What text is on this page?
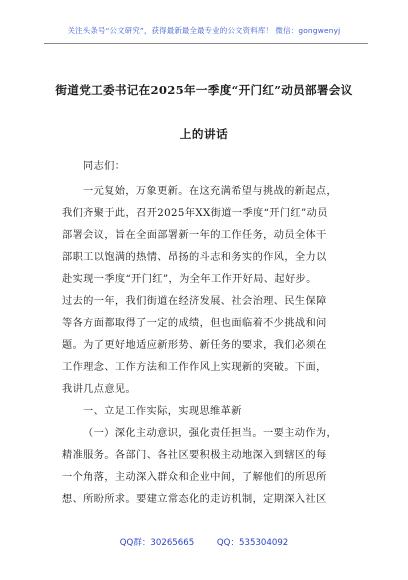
关注头条号“公文研究”，获得最新最全最专业的公文资料库！ 微信：gongwenyj
街道党工委书记在2025年一季度“开门红”动员部署会议
上的讲话

同志们：

一元复始，万象更新。在这充满希望与挑战的新起点，
我们齐聚于此，召开2025年XX街道一季度“开门红”动员
部署会议，旨在全面部署新一年的工作任务，动员全体干
部职工以饱满的热情、昂扬的斗志和务实的作风，全力以
赴实现一季度“开门红”，为全年工作开好局、起好步。

过去的一年，我们街道在经济发展、社会治理、民生保障
等各方面都取得了一定的成绩，但也面临着不少挑战和问
题。为了更好地适应新形势、新任务的要求，我们必须在
工作理念、工作方法和工作作风上实现新的突破。下面，
我讲几点意见。

一、立足工作实际，实现思维革新

（一）深化主动意识，强化责任担当。一要主动作为，
精准服务。各部门、各社区要积极主动地深入到辖区的每
一个角落，主动深入群众和企业中间，了解他们的所思所
想、所盼所求。要建立常态化的走访机制，定期深入社区

QQ群：30265665	QQ：535304092
